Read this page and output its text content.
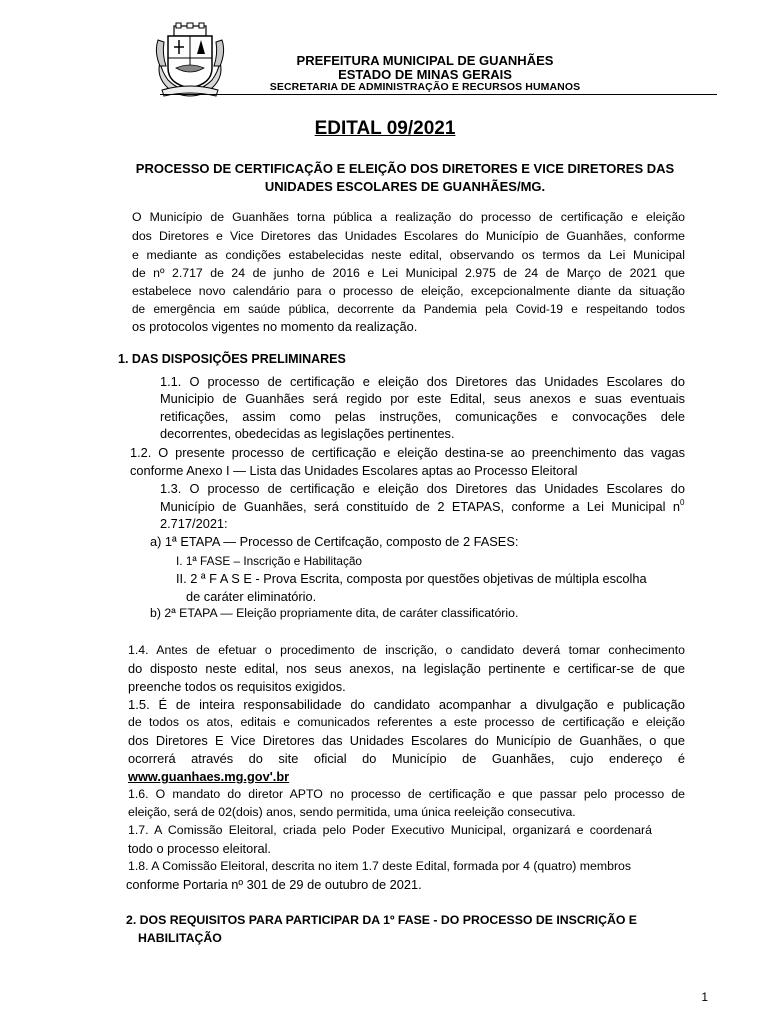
PREFEITURA MUNICIPAL DE GUANHÃES
ESTADO DE MINAS GERAIS
SECRETARIA DE ADMINISTRAÇÃO E RECURSOS HUMANOS
EDITAL 09/2021
PROCESSO DE CERTIFICAÇÃO E ELEIÇÃO DOS DIRETORES E VICE DIRETORES DAS
UNIDADES ESCOLARES DE GUANHÃES/MG.
O Município de Guanhães torna pública a realização do processo de certificação e eleição
dos Diretores e Vice Diretores das Unidades Escolares do Município de Guanhães, conforme
e mediante as condições estabelecidas neste edital, observando os termos da Lei Municipal
de nº 2.717 de 24 de junho de 2016 e Lei Municipal 2.975 de 24 de Março de 2021 que
estabelece novo calendário para o processo de eleição, excepcionalmente diante da situação
de emergência em saúde pública, decorrente da Pandemia pela Covid-19 e respeitando todos
os protocolos vigentes no momento da realização.
1. DAS DISPOSIÇÕES PRELIMINARES
1.1. O processo de certificação e eleição dos Diretores das Unidades Escolares do
Municipio de Guanhães será regido por este Edital, seus anexos e suas eventuais
retificações, assim como pelas instruções, comunicações e convocações dele
decorrentes, obedecidas as legislações pertinentes.
1.2. O presente processo de certificação e eleição destina-se ao preenchimento das vagas
conforme Anexo I — Lista das Unidades Escolares aptas ao Processo Eleitoral
1.3. O processo de certificação e eleição dos Diretores das Unidades Escolares do
Município de Guanhães, será constituído de 2 ETAPAS, conforme a Lei Municipal n 0
2.717/2021:
a) 1ª ETAPA — Processo de Certifcação, composto de 2 FASES:
I. 1ª FASE – Inscrição e Habilitação
II. 2 ª F A S E - Prova Escrita, composta por questões objetivas de múltipla escolha
de caráter eliminatório.
b) 2ª ETAPA — Eleição propriamente dita, de caráter classificatório.
1.4. Antes de efetuar o procedimento de inscrição, o candidato deverá tomar conhecimento
do disposto neste edital, nos seus anexos, na legislação pertinente e certificar-se de que
preenche todos os requisitos exigidos.
1.5. É de inteira responsabilidade do candidato acompanhar a divulgação e publicação
de todos os atos, editais e comunicados referentes a este processo de certificação e eleição
dos Diretores E Vice Diretores das Unidades Escolares do Município de Guanhães, o que
ocorrerá através do site oficial do Município de Guanhães, cujo endereço é
www.guanhaes.mg.gov'.br
1.6. O mandato do diretor APTO no processo de certificação e que passar pelo processo de
eleição, será de 02(dois) anos, sendo permitida, uma única reeleição consecutiva.
1.7. A Comissão Eleitoral, criada pelo Poder Executivo Municipal, organizará e coordenará
todo o processo eleitoral.
1.8. A Comissão Eleitoral, descrita no item 1.7 deste Edital, formada por 4 (quatro) membros
conforme Portaria nº 301 de 29 de outubro de 2021.
2. DOS REQUISITOS PARA PARTICIPAR DA 1º FASE - DO PROCESSO DE INSCRIÇÃO E
HABILITAÇÃO
1
